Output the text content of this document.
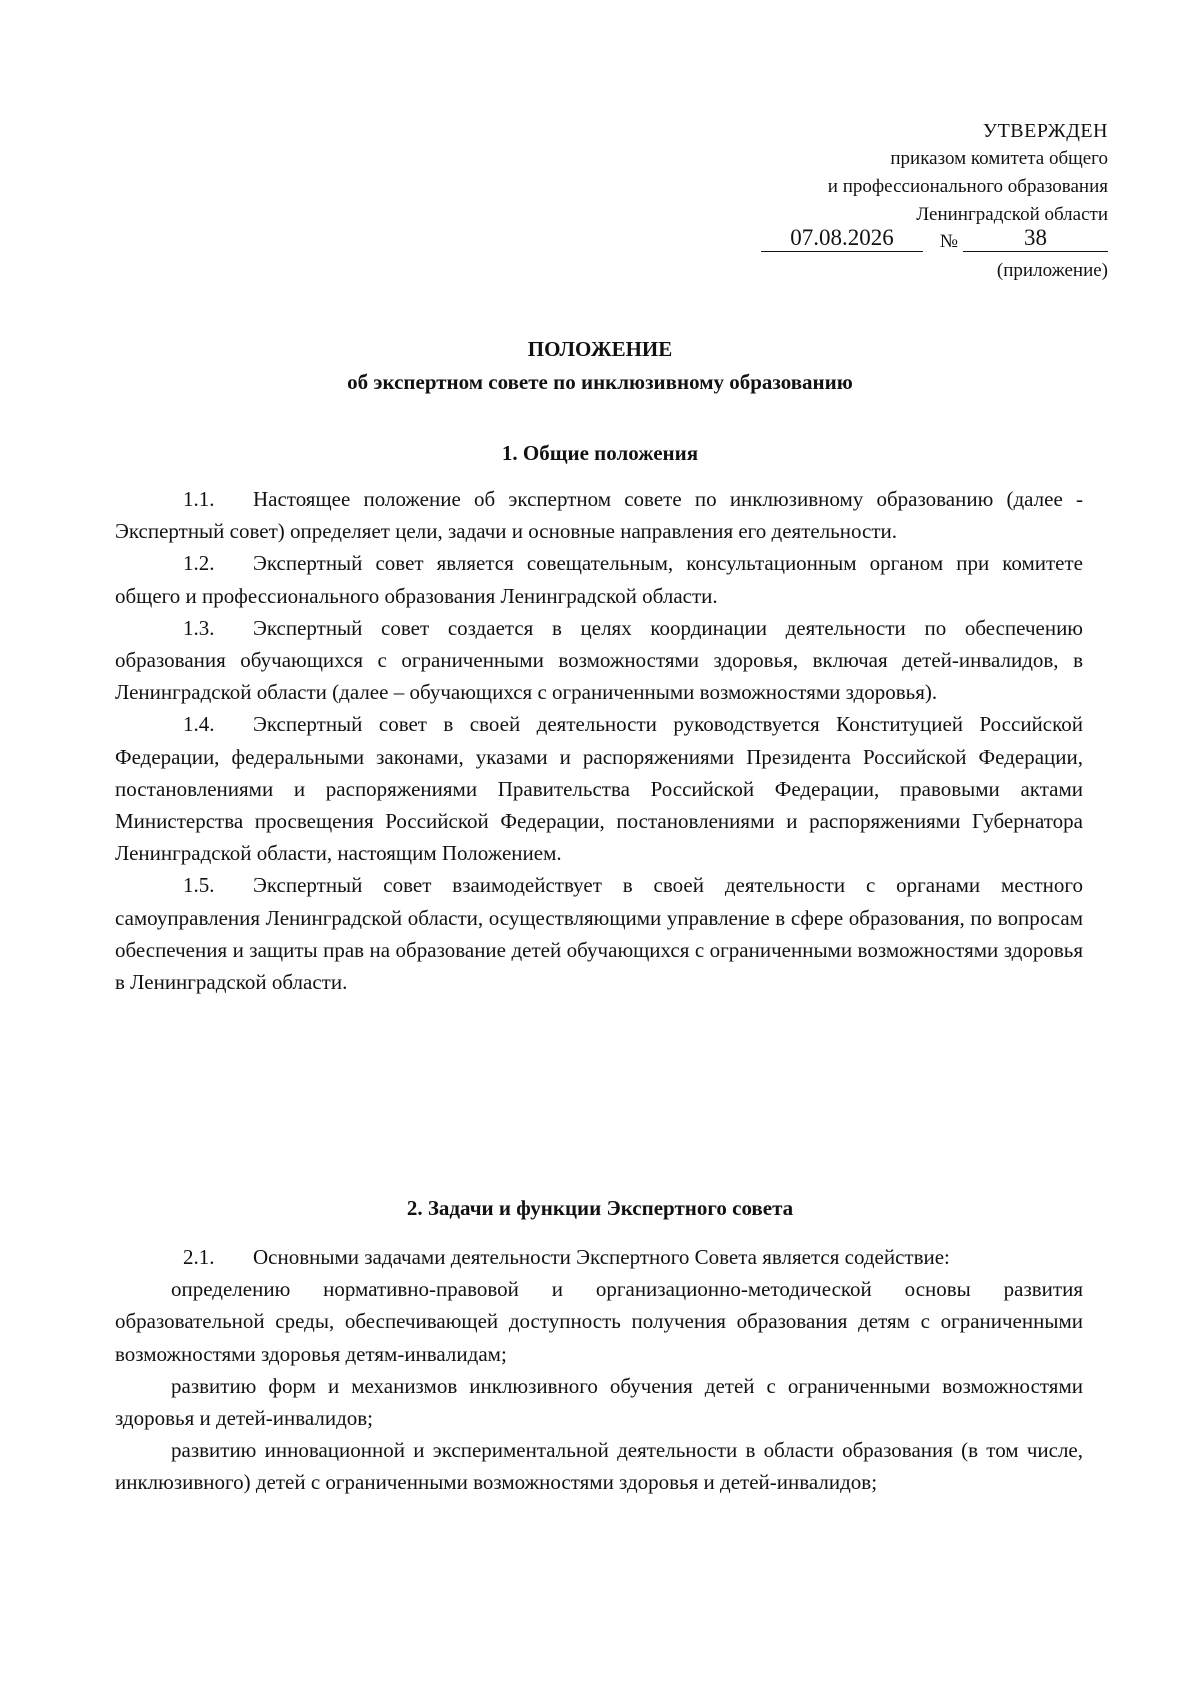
УТВЕРЖДЕН
приказом комитета общего
и профессионального образования
Ленинградской области
07.08.2026	№	38
(приложение)
ПОЛОЖЕНИЕ
об экспертном совете по инклюзивному образованию
1. Общие положения

1.1. Настоящее положение об экспертном совете по инклюзивному образованию (далее - Экспертный совет) определяет цели, задачи и основные направления его деятельности.

1.2. Экспертный совет является совещательным, консультационным органом при комитете общего и профессионального образования Ленинградской области.

1.3. Экспертный совет создается в целях координации деятельности по обеспечению образования обучающихся с ограниченными возможностями здоровья, включая детей-инвалидов, в Ленинградской области (далее – обучающихся с ограниченными возможностями здоровья).

1.4. Экспертный совет в своей деятельности руководствуется Конституцией Российской Федерации, федеральными законами, указами и распоряжениями Президента Российской Федерации, постановлениями и распоряжениями Правительства Российской Федерации, правовыми актами Министерства просвещения Российской Федерации, постановлениями и распоряжениями Губернатора Ленинградской области, настоящим Положением.

1.5. Экспертный совет взаимодействует в своей деятельности с органами местного самоуправления Ленинградской области, осуществляющими управление в сфере образования, по вопросам обеспечения и защиты прав на образование детей обучающихся с ограниченными возможностями здоровья в Ленинградской области.

2. Задачи и функции Экспертного совета

2.1. Основными задачами деятельности Экспертного Совета является содействие:

определению нормативно-правовой и организационно-методической основы развития образовательной среды, обеспечивающей доступность получения образования детям с ограниченными возможностями здоровья детям-инвалидам;

развитию форм и механизмов инклюзивного обучения детей с ограниченными возможностями здоровья и детей-инвалидов;

развитию инновационной и экспериментальной деятельности в области образования (в том числе, инклюзивного) детей с ограниченными возможностями здоровья и детей-инвалидов;
